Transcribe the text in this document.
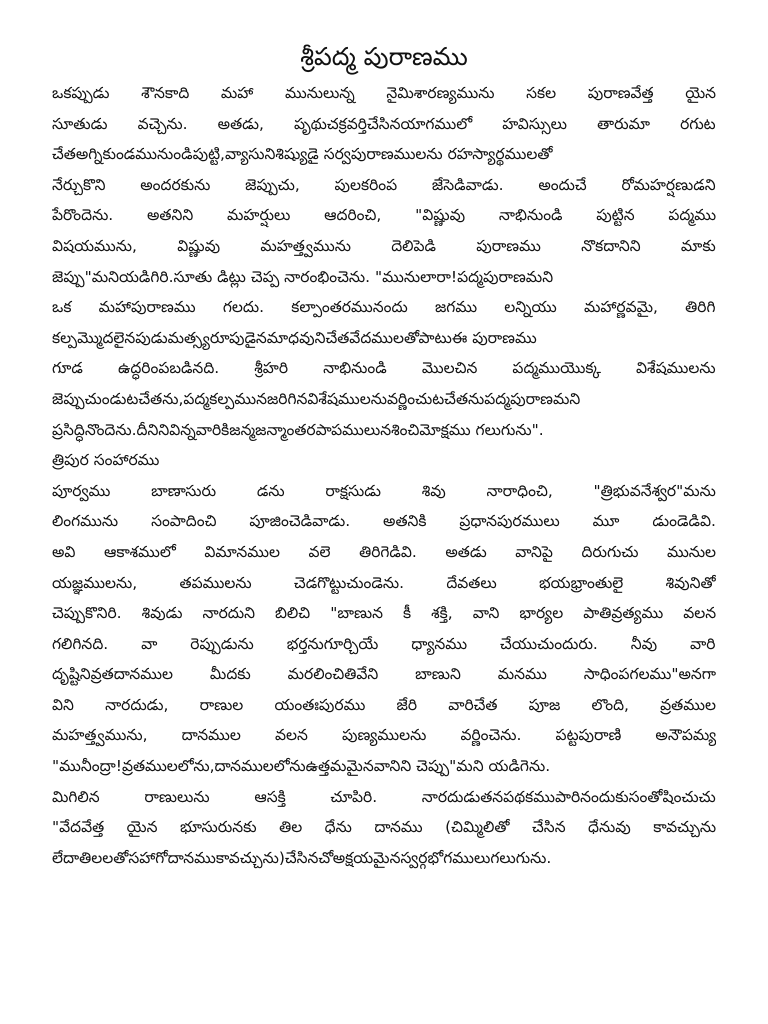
శ్రీపద్మ పురాణము
ఒకప్పుడు శౌనకాది మహా మునులున్న నైమిశారణ్యమును సకల పురాణవేత్త యైన
సూతుడు వచ్చెను. అతడు, పృథుచక్రవర్తిచేసినయాగములో హవిస్సులు తారుమా రగుట
చేతఅగ్నికుండమునుండిపుట్టి,వ్యాసునిశిష్యుడై సర్వపురాణములను రహస్యార్థములతో
నేర్చుకొని అందరకును జెప్పుచు, పులకరింప జేసెడివాడు. అందుచే రోమహర్షణుడని
పేరొందెను. అతనిని మహర్షులు ఆదరించి, "విష్ణువు నాభినుండి పుట్టిన పద్మము
విషయమును, విష్ణువు మహత్త్వమును దెలిపెడి పురాణము నొకదానిని మాకు
జెప్పు"మనియడిగిరి.సూతు డిట్లు చెప్ప నారంభించెను. "మునులారా!పద్మపురాణమని
ఒక మహాపురాణము గలదు. కల్పాంతరమునందు జగము లన్నియు మహార్ణవమై, తిరిగి
కల్పమ్మొదలైనపుడుమత్స్యరూపుడైనమాధవునిచేతవేదములతోపాటుఈ పురాణము
గూడ ఉద్ధరింపబడినది. శ్రీహరి నాభినుండి మొలచిన పద్మముయొక్క విశేషములను
జెప్పుచుండుటచేతను,పద్మకల్పమునజరిగినవిశేషములనువర్ణించుటచేతనుపద్మపురాణమని
ప్రసిద్ధినొందెను.దీనినివిన్నవారికిజన్మజన్మాంతరపాపములునశించిమోక్షము గలుగును".
త్రిపుర సంహారము
పూర్వము బాణాసురు డను రాక్షసుడు శివు నారాధించి, "త్రిభువనేశ్వర"మను
లింగమును సంపాదించి పూజించెడివాడు. అతనికి ప్రధానపురములు మూ డుండెడివి.
అవి ఆకాశములో విమానముల వలె తిరిగెడివి. అతడు వానిపై దిరుగుచు మునుల
యజ్ఞములను, తపములను చెడగొట్టుచుండెను. దేవతలు భయభ్రాంతులై శివునితో
చెప్పుకొనిరి. శివుడు నారదుని బిలిచి "బాణున కీ శక్తి, వాని భార్యల పాతివ్రత్యము వలన
గలిగినది. వా రెప్పుడును భర్తనుగూర్చియే ధ్యానము చేయుచుందురు. నీవు వారి
దృష్టినివ్రతదానముల మీదకు మరలించితివేని బాణుని మనము సాధింపగలము"అనగా
విని నారదుడు, రాణుల యంతఃపురము జేరి వారిచేత పూజ లొంది, వ్రతముల
మహత్త్వమును, దానముల వలన పుణ్యములను వర్ణించెను. పట్టపురాణి అనౌపమ్య
"మునీంద్రా!వ్రతములలోను,దానములలోనుఉత్తమమైనవానిని చెప్పు"మని యడిగెను.
మిగిలిన రాణులును ఆసక్తి చూపిరి. నారదుడుతనపథకముపారినందుకుసంతోషించుచు
"వేదవేత్త యైన భూసురునకు తిల ధేను దానము (చిమ్మిలితో చేసిన ధేనువు కావచ్చును
లేదాతిలలతోసహాగోదానముకావచ్చును)చేసినచోఅక్షయమైనస్వర్గభోగములుగలుగును.
